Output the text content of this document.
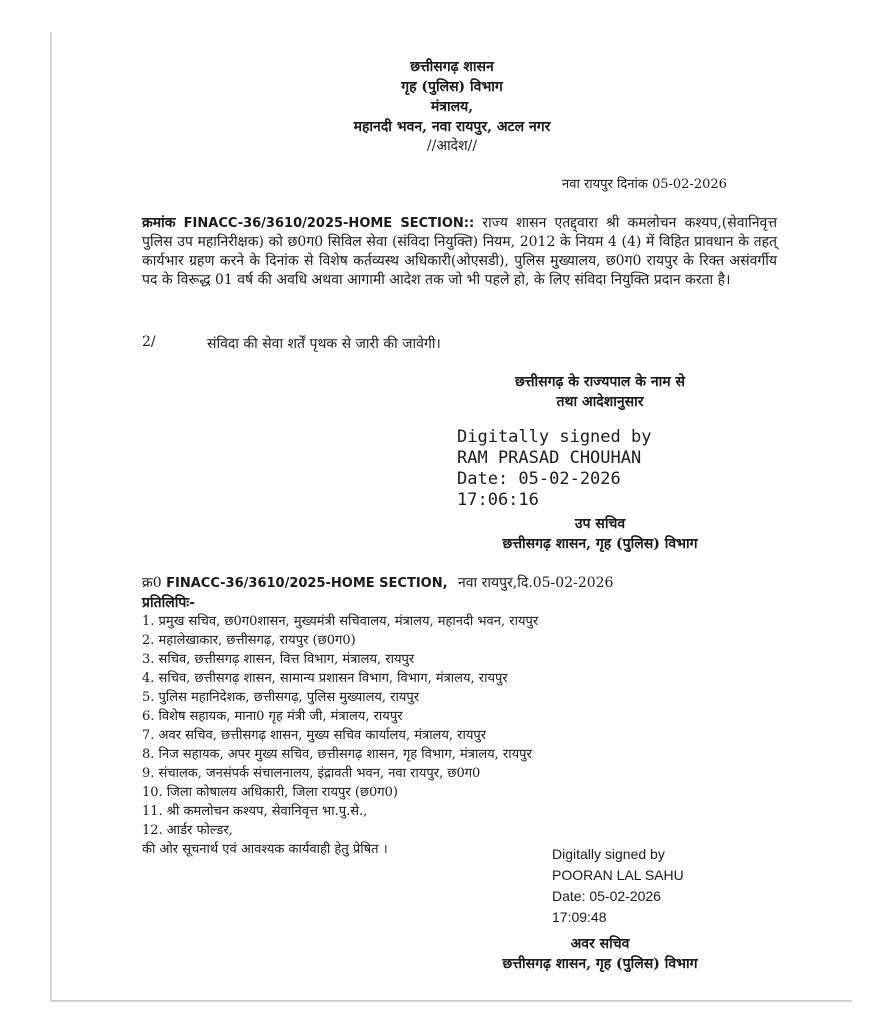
छत्तीसगढ़ शासन
गृह (पुलिस) विभाग
मंत्रालय,
महानदी भवन, नवा रायपुर, अटल नगर
//आदेश//
नवा रायपुर दिनांक 05-02-2026
क्रमांक FINACC-36/3610/2025-HOME SECTION:: राज्य शासन एतद्द्वारा श्री कमलोचन कश्यप,(सेवानिवृत्त पुलिस उप महानिरीक्षक) को छ0ग0 सिविल सेवा (संविदा नियुक्ति) नियम, 2012 के नियम 4 (4) में विहित प्रावधान के तहत् कार्यभार ग्रहण करने के दिनांक से विशेष कर्तव्यस्थ अधिकारी(ओएसडी), पुलिस मुख्यालय, छ0ग0 रायपुर के रिक्त असंवर्गीय पद के विरूद्ध 01 वर्ष की अवधि अथवा आगामी आदेश तक जो भी पहले हो, के लिए संविदा नियुक्ति प्रदान करता है।
2/	संविदा की सेवा शर्तें पृथक से जारी की जावेगी।
छत्तीसगढ़ के राज्यपाल के नाम से
तथा आदेशानुसार
Digitally signed by
RAM PRASAD CHOUHAN
Date: 05-02-2026
17:06:16
उप सचिव
छत्तीसगढ़ शासन, गृह (पुलिस) विभाग
क्र0 FINACC-36/3610/2025-HOME SECTION, नवा रायपुर,दि.05-02-2026
प्रतिलिपिः-
1. प्रमुख सचिव, छ0ग0शासन, मुख्यमंत्री सचिवालय, मंत्रालय, महानदी भवन, रायपुर
2. महालेखाकार, छत्तीसगढ़, रायपुर (छ0ग0)
3. सचिव, छत्तीसगढ़ शासन, वित्त विभाग, मंत्रालय, रायपुर
4. सचिव, छत्तीसगढ़ शासन, सामान्य प्रशासन विभाग, विभाग, मंत्रालय, रायपुर
5. पुलिस महानिदेशक, छत्तीसगढ़, पुलिस मुख्यालय, रायपुर
6. विशेष सहायक, माना0 गृह मंत्री जी, मंत्रालय, रायपुर
7. अवर सचिव, छत्तीसगढ़ शासन, मुख्य सचिव कार्यालय, मंत्रालय, रायपुर
8. निज सहायक, अपर मुख्य सचिव, छत्तीसगढ़ शासन, गृह विभाग, मंत्रालय, रायपुर
9. संचालक, जनसंपर्क संचालनालय, इंद्रावती भवन, नवा रायपुर, छ0ग0
10. जिला कोषालय अधिकारी, जिला रायपुर (छ0ग0)
11. श्री कमलोचन कश्यप, सेवानिवृत्त भा.पु.से.,
12. आर्डर फोल्डर,
की ओर सूचनार्थ एवं आवश्यक कार्यवाही हेतु प्रेषित ।	Digitally signed by
POORAN LAL SAHU
Date: 05-02-2026
17:09:48
अवर सचिव
छत्तीसगढ़ शासन, गृह (पुलिस) विभाग
